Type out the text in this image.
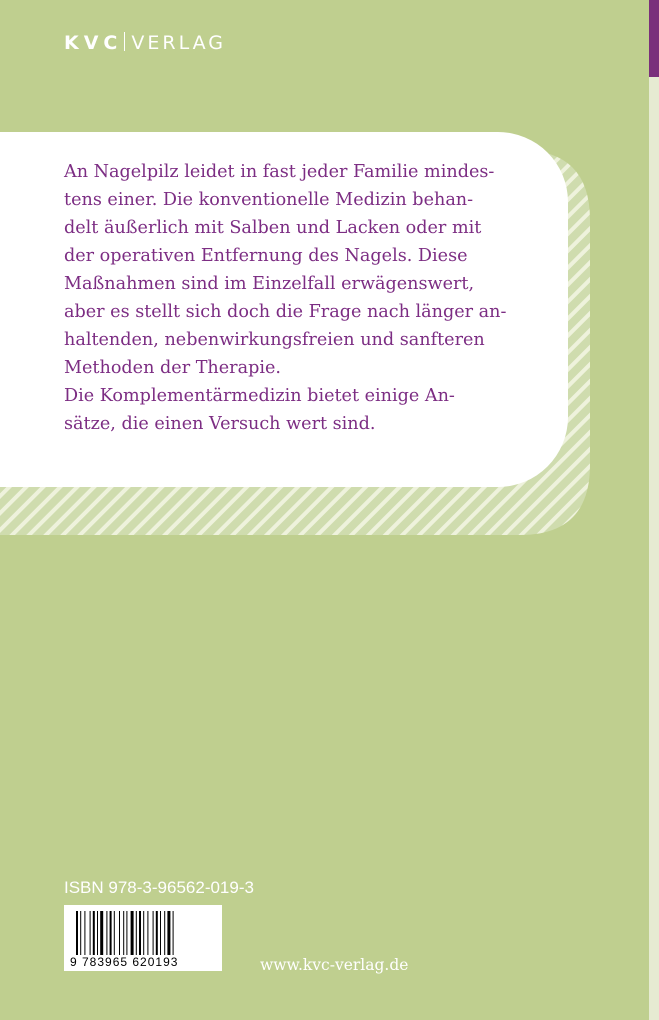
KVC VERLAG

An Nagelpilz leidet in fast jeder Familie mindes-
tens einer. Die konventionelle Medizin behan-
delt äußerlich mit Salben und Lacken oder mit
der operativen Entfernung des Nagels. Diese
Maßnahmen sind im Einzelfall erwägenswert,
aber es stellt sich doch die Frage nach länger an-
haltenden, nebenwirkungsfreien und sanfteren
Methoden der Therapie.
Die Komplementärmedizin bietet einige An-
sätze, die einen Versuch wert sind.

ISBN 978-3-96562-019-3
9 783965 620193	www.kvc-verlag.de
